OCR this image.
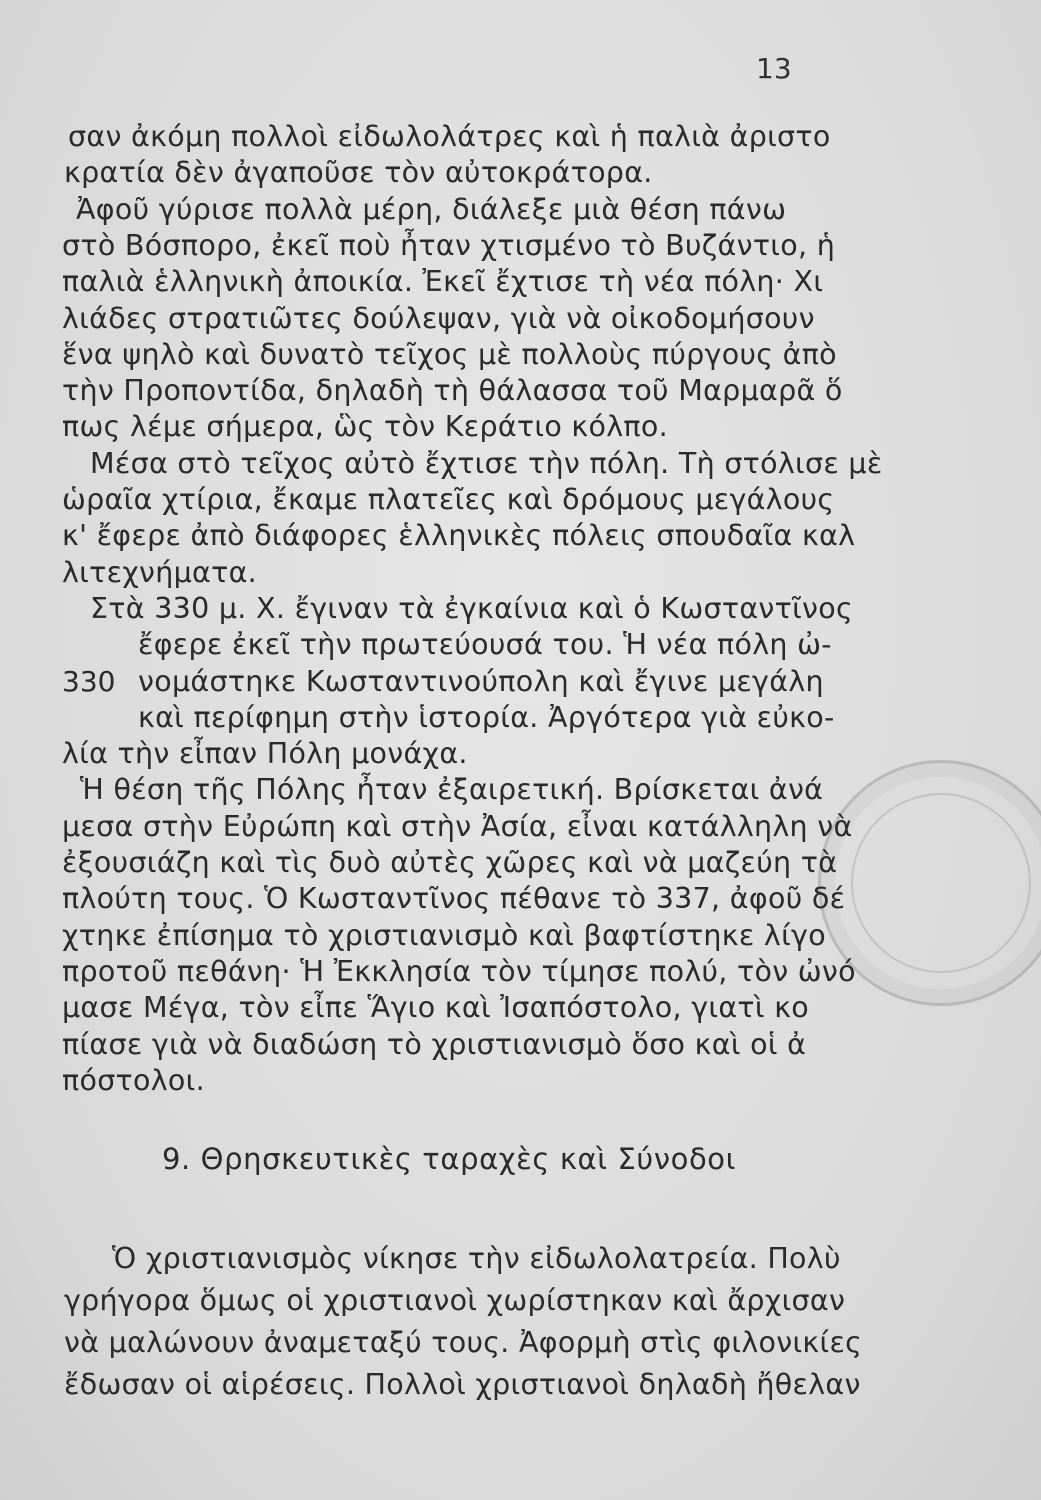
13
σαν ἀκόμη πολλοὶ εἰδωλολάτρες καὶ ἡ παλιὰ ἀριστο
κρατία δὲν ἀγαποῦσε τὸν αὐτοκράτορα.
Ἀφοῦ γύρισε πολλὰ μέρη, διάλεξε μιὰ θέση πάνω
στὸ Βόσπορο, ἐκεῖ ποὺ ἦταν χτισμένο τὸ Βυζάντιο, ἡ
παλιὰ ἑλληνικὴ ἀποικία. Ἐκεῖ ἔχτισε τὴ νέα πόλη· Χι
λιάδες στρατιῶτες δούλεψαν, γιὰ νὰ οἰκοδομήσουν
ἕνα ψηλὸ καὶ δυνατὸ τεῖχος μὲ πολλοὺς πύργους ἀπὸ
τὴν Προποντίδα, δηλαδὴ τὴ θάλασσα τοῦ Μαρμαρᾶ ὅ
πως λέμε σήμερα, ὣς τὸν Κεράτιο κόλπο.
Μέσα στὸ τεῖχος αὐτὸ ἔχτισε τὴν πόλη. Τὴ στόλισε μὲ
ὡραῖα χτίρια, ἔκαμε πλατεῖες καὶ δρόμους μεγάλους
κ' ἔφερε ἀπὸ διάφορες ἑλληνικὲς πόλεις σπουδαῖα καλ
λιτεχνήματα.
Στὰ 330 μ. Χ. ἔγιναν τὰ ἐγκαίνια καὶ ὁ Κωσταντῖνος
ἔφερε ἐκεῖ τὴν πρωτεύουσά του. Ἡ νέα πόλη ὠ-
330 νομάστηκε Κωσταντινούπολη καὶ ἔγινε μεγάλη
καὶ περίφημη στὴν ἱστορία. Ἀργότερα γιὰ εὐκο-
λία τὴν εἶπαν Πόλη μονάχα.
Ἡ θέση τῆς Πόλης ἦταν ἐξαιρετική. Βρίσκεται ἀνά
μεσα στὴν Εὐρώπη καὶ στὴν Ἀσία, εἶναι κατάλληλη νὰ
ἐξουσιάζη καὶ τὶς δυὸ αὐτὲς χῶρες καὶ νὰ μαζεύη τὰ
πλούτη τους. Ὁ Κωσταντῖνος πέθανε τὸ 337, ἀφοῦ δέ
χτηκε ἐπίσημα τὸ χριστιανισμὸ καὶ βαφτίστηκε λίγο
προτοῦ πεθάνη· Ἡ Ἐκκλησία τὸν τίμησε πολύ, τὸν ὠνό
μασε Μέγα, τὸν εἶπε Ἅγιο καὶ Ἰσαπόστολο, γιατὶ κο
πίασε γιὰ νὰ διαδώση τὸ χριστιανισμὸ ὅσο καὶ οἱ ἀ
πόστολοι.
9. Θρησκευτικὲς ταραχὲς καὶ Σύνοδοι
Ὁ χριστιανισμὸς νίκησε τὴν εἰδωλολατρεία. Πολὺ
γρήγορα ὅμως οἱ χριστιανοὶ χωρίστηκαν καὶ ἄρχισαν
νὰ μαλώνουν ἀναμεταξύ τους. Ἀφορμὴ στὶς φιλονικίες
ἔδωσαν οἱ αἱρέσεις. Πολλοὶ χριστιανοὶ δηλαδὴ ἤθελαν
